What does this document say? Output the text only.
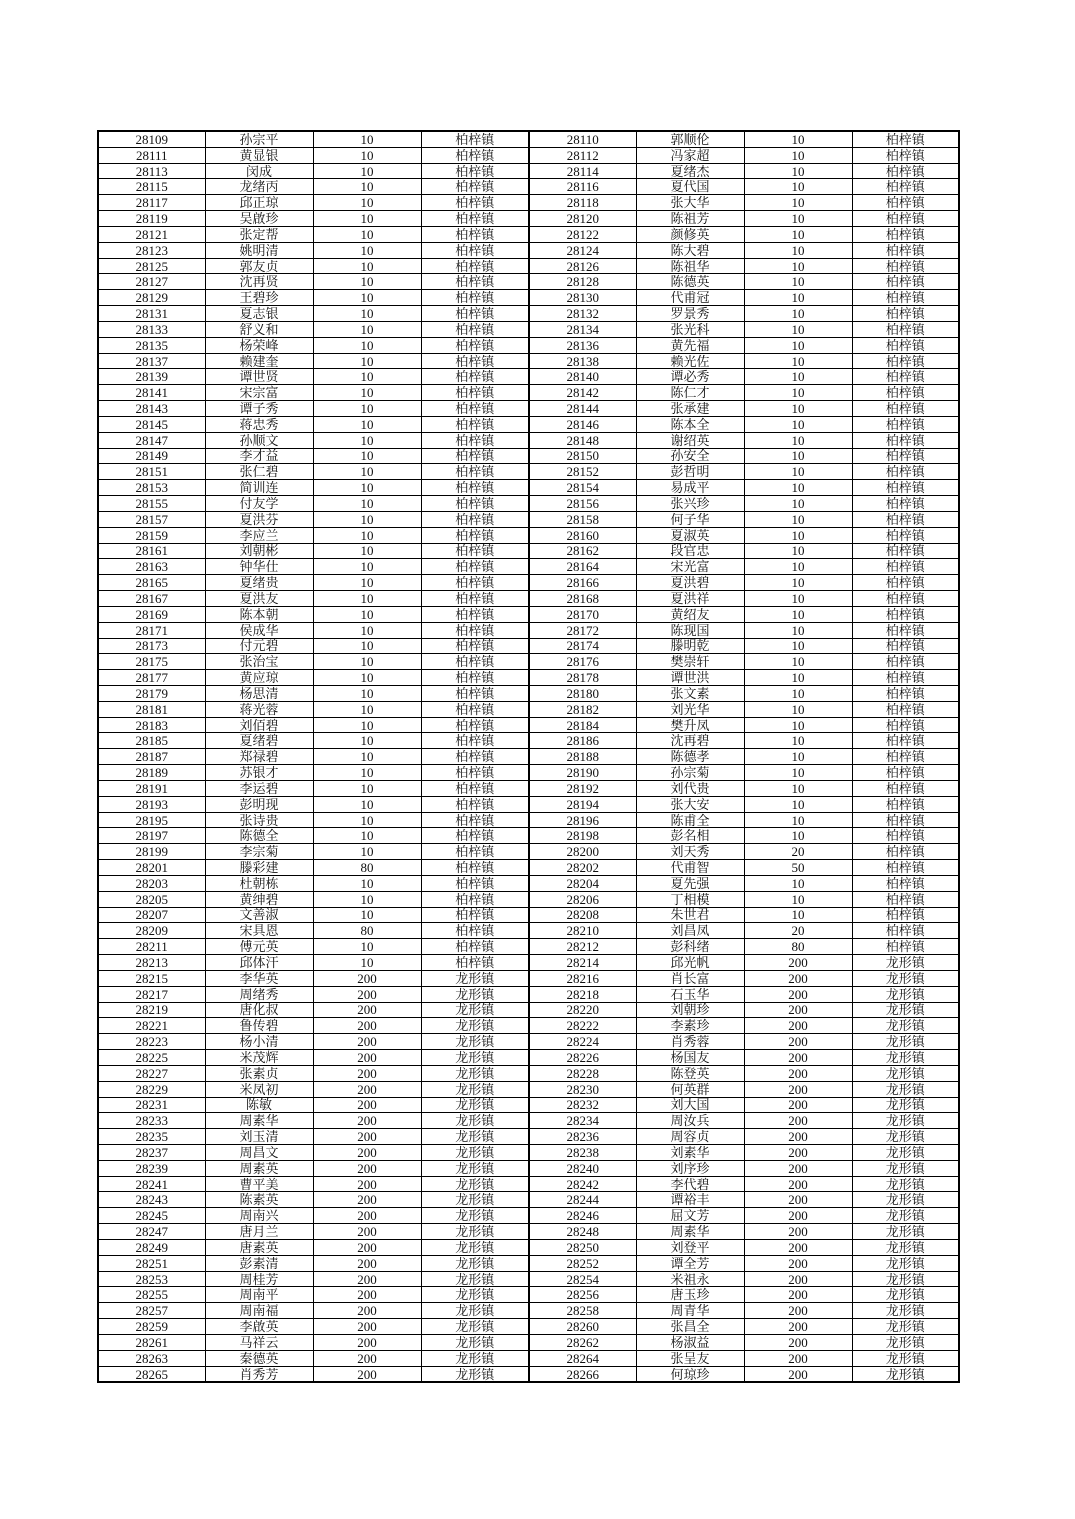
28109	孙宗平	10	柏梓镇	28110	郭顺伦	10	柏梓镇
28111	黄显银	10	柏梓镇	28112	冯家超	10	柏梓镇
28113	闵成	10	柏梓镇	28114	夏绪杰	10	柏梓镇
28115	龙绪丙	10	柏梓镇	28116	夏代国	10	柏梓镇
28117	邱正琼	10	柏梓镇	28118	张大华	10	柏梓镇
28119	吴啟珍	10	柏梓镇	28120	陈祖芳	10	柏梓镇
28121	张定帮	10	柏梓镇	28122	颜修英	10	柏梓镇
28123	姚明清	10	柏梓镇	28124	陈大碧	10	柏梓镇
28125	郭友贞	10	柏梓镇	28126	陈祖华	10	柏梓镇
28127	沈再贤	10	柏梓镇	28128	陈德英	10	柏梓镇
28129	王碧珍	10	柏梓镇	28130	代甫冠	10	柏梓镇
28131	夏志银	10	柏梓镇	28132	罗景秀	10	柏梓镇
28133	舒义和	10	柏梓镇	28134	张光科	10	柏梓镇
28135	杨荣峰	10	柏梓镇	28136	黄先福	10	柏梓镇
28137	赖建奎	10	柏梓镇	28138	赖光佐	10	柏梓镇
28139	谭世贤	10	柏梓镇	28140	谭必秀	10	柏梓镇
28141	宋宗富	10	柏梓镇	28142	陈仁才	10	柏梓镇
28143	谭子秀	10	柏梓镇	28144	张承建	10	柏梓镇
28145	蒋忠秀	10	柏梓镇	28146	陈本全	10	柏梓镇
28147	孙顺文	10	柏梓镇	28148	谢绍英	10	柏梓镇
28149	李才益	10	柏梓镇	28150	孙安全	10	柏梓镇
28151	张仁碧	10	柏梓镇	28152	彭哲明	10	柏梓镇
28153	简训连	10	柏梓镇	28154	易成平	10	柏梓镇
28155	付友学	10	柏梓镇	28156	张兴珍	10	柏梓镇
28157	夏洪芬	10	柏梓镇	28158	何子华	10	柏梓镇
28159	李应兰	10	柏梓镇	28160	夏淑英	10	柏梓镇
28161	刘朝彬	10	柏梓镇	28162	段官忠	10	柏梓镇
28163	钟华仕	10	柏梓镇	28164	宋光富	10	柏梓镇
28165	夏绪贵	10	柏梓镇	28166	夏洪碧	10	柏梓镇
28167	夏洪友	10	柏梓镇	28168	夏洪祥	10	柏梓镇
28169	陈本朝	10	柏梓镇	28170	黄绍友	10	柏梓镇
28171	侯成华	10	柏梓镇	28172	陈现国	10	柏梓镇
28173	付元碧	10	柏梓镇	28174	滕明乾	10	柏梓镇
28175	张治宝	10	柏梓镇	28176	樊崇轩	10	柏梓镇
28177	黄应琼	10	柏梓镇	28178	谭世洪	10	柏梓镇
28179	杨思清	10	柏梓镇	28180	张文素	10	柏梓镇
28181	蒋光蓉	10	柏梓镇	28182	刘光华	10	柏梓镇
28183	刘佰碧	10	柏梓镇	28184	樊升凤	10	柏梓镇
28185	夏绪碧	10	柏梓镇	28186	沈再碧	10	柏梓镇
28187	郑禄碧	10	柏梓镇	28188	陈德孝	10	柏梓镇
28189	苏银才	10	柏梓镇	28190	孙宗菊	10	柏梓镇
28191	李运碧	10	柏梓镇	28192	刘代贵	10	柏梓镇
28193	彭明现	10	柏梓镇	28194	张大安	10	柏梓镇
28195	张诗贵	10	柏梓镇	28196	陈甫全	10	柏梓镇
28197	陈德全	10	柏梓镇	28198	彭名相	10	柏梓镇
28199	李宗菊	10	柏梓镇	28200	刘天秀	20	柏梓镇
28201	滕彩建	80	柏梓镇	28202	代甫智	50	柏梓镇
28203	杜朝栋	10	柏梓镇	28204	夏先强	10	柏梓镇
28205	黄绅碧	10	柏梓镇	28206	丁相模	10	柏梓镇
28207	文善淑	10	柏梓镇	28208	朱世君	10	柏梓镇
28209	宋具恩	80	柏梓镇	28210	刘昌凤	20	柏梓镇
28211	傅元英	10	柏梓镇	28212	彭科绪	80	柏梓镇
28213	邱体汗	10	柏梓镇	28214	邱光帆	200	龙形镇
28215	李华英	200	龙形镇	28216	肖长富	200	龙形镇
28217	周绪秀	200	龙形镇	28218	石玉华	200	龙形镇
28219	唐化叔	200	龙形镇	28220	刘朝珍	200	龙形镇
28221	鲁传碧	200	龙形镇	28222	李素珍	200	龙形镇
28223	杨小清	200	龙形镇	28224	肖秀蓉	200	龙形镇
28225	米茂辉	200	龙形镇	28226	杨国友	200	龙形镇
28227	张素贞	200	龙形镇	28228	陈登英	200	龙形镇
28229	米凤初	200	龙形镇	28230	何英群	200	龙形镇
28231	陈敏	200	龙形镇	28232	刘大国	200	龙形镇
28233	周素华	200	龙形镇	28234	周汝兵	200	龙形镇
28235	刘玉清	200	龙形镇	28236	周容贞	200	龙形镇
28237	周昌文	200	龙形镇	28238	刘素华	200	龙形镇
28239	周素英	200	龙形镇	28240	刘序珍	200	龙形镇
28241	曹平美	200	龙形镇	28242	李代碧	200	龙形镇
28243	陈素英	200	龙形镇	28244	谭裕丰	200	龙形镇
28245	周南兴	200	龙形镇	28246	屈文芳	200	龙形镇
28247	唐月兰	200	龙形镇	28248	周素华	200	龙形镇
28249	唐素英	200	龙形镇	28250	刘登平	200	龙形镇
28251	彭素清	200	龙形镇	28252	谭全芳	200	龙形镇
28253	周桂芳	200	龙形镇	28254	米祖永	200	龙形镇
28255	周南平	200	龙形镇	28256	唐玉珍	200	龙形镇
28257	周南福	200	龙形镇	28258	周青华	200	龙形镇
28259	李啟英	200	龙形镇	28260	张昌全	200	龙形镇
28261	马祥云	200	龙形镇	28262	杨淑益	200	龙形镇
28263	秦德英	200	龙形镇	28264	张呈友	200	龙形镇
28265	肖秀芳	200	龙形镇	28266	何琼珍	200	龙形镇
